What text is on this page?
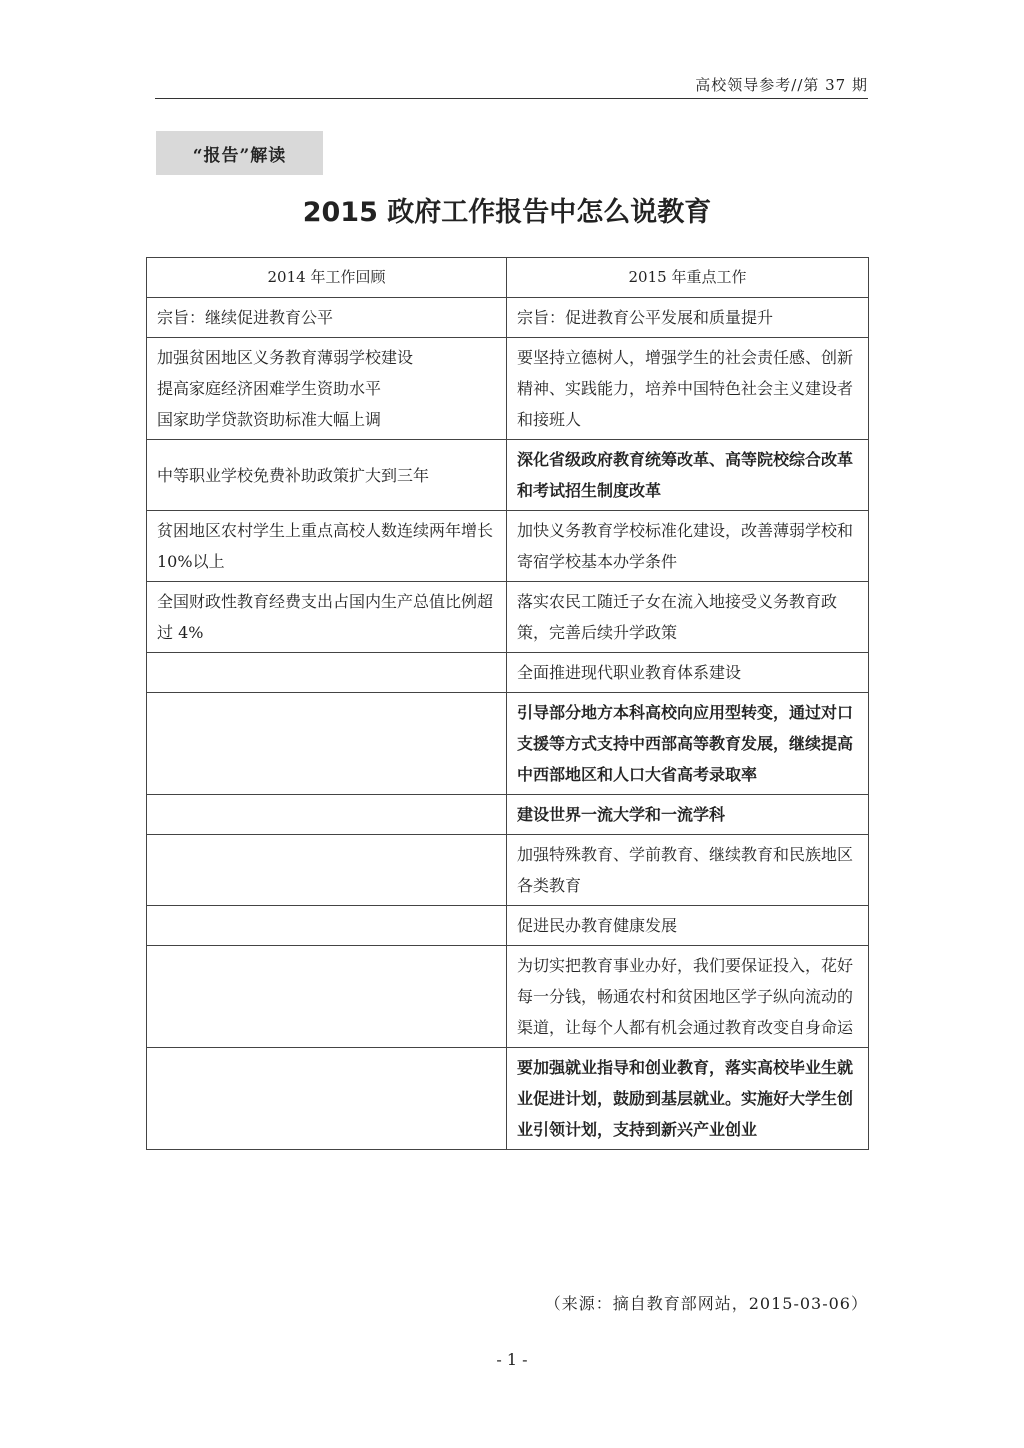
高校领导参考//第 37 期
“报告”解读
2015 政府工作报告中怎么说教育
2014 年工作回顾	2015 年重点工作
宗旨：继续促进教育公平	宗旨：促进教育公平发展和质量提升
加强贫困地区义务教育薄弱学校建设
提高家庭经济困难学生资助水平
国家助学贷款资助标准大幅上调	要坚持立德树人，增强学生的社会责任感、创新精神、实践能力，培养中国特色社会主义建设者和接班人
中等职业学校免费补助政策扩大到三年	深化省级政府教育统筹改革、高等院校综合改革和考试招生制度改革
贫困地区农村学生上重点高校人数连续两年增长 10%以上	加快义务教育学校标准化建设，改善薄弱学校和寄宿学校基本办学条件
全国财政性教育经费支出占国内生产总值比例超过 4%	落实农民工随迁子女在流入地接受义务教育政策，完善后续升学政策
	全面推进现代职业教育体系建设
	引导部分地方本科高校向应用型转变，通过对口支援等方式支持中西部高等教育发展，继续提高中西部地区和人口大省高考录取率
	建设世界一流大学和一流学科
	加强特殊教育、学前教育、继续教育和民族地区各类教育
	促进民办教育健康发展
	为切实把教育事业办好，我们要保证投入，花好每一分钱，畅通农村和贫困地区学子纵向流动的渠道，让每个人都有机会通过教育改变自身命运
	要加强就业指导和创业教育，落实高校毕业生就业促进计划，鼓励到基层就业。实施好大学生创业引领计划，支持到新兴产业创业
（来源：摘自教育部网站，2015-03-06）
- 1 -
